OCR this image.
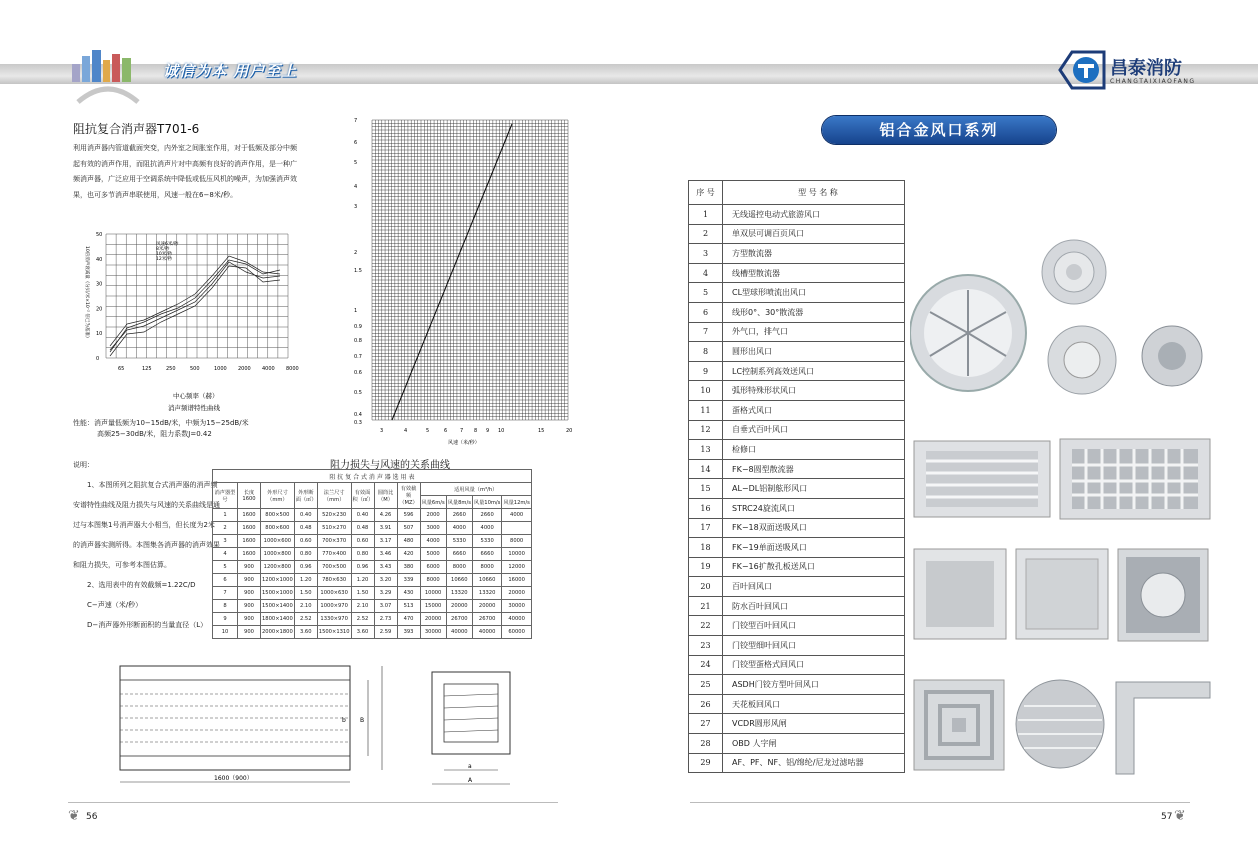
诚信为本 用户至上	昌泰消防
CHANGTAIXIAOFANG
阻抗复合消声器T701-6
利用消声器内管道截面突变，内外室之间胀室作用，对于低频及部分中频起有效的消声作用，而阻抗消声片对中高频有良好的消声作用，是一种广频消声器，广泛应用于空调系统中降低或低压风机的噪声，为加强消声效果，也可多节消声串联使用，风速一般在6−8米/秒。
50
40
30
20
10
0
65	125	250	500	1000 2000 4000 8000
10倍消声衰减量（分贝/米×10⁻² 倍已为基准）
风速6米/秒
8米/秒
10米/秒
12米/秒
中心频率（赫）
消声频谱特性曲线
性能：消声量低频为10−15dB/米，中频为15−25dB/米
高频25−30dB/米，阻力系数J=0.42
7
6
5
4
3
2
1.5
1
0.9
0.8
0.7
0.6
0.5
0.4
0.3
3	4	5	6	7 8 9 10	15	20
风速（米/秒）
阻力损失与风速的关系曲线
说明：
1、本图所列之阻抗复合式消声器的消声频安谱特性曲线及阻力损失与风速的关系曲线是通过与本图集1号消声器大小相当，但长度为2米的消声器实测所得。本图集各消声器的消声效果和阻力损失，可参考本图估算。
2、选用表中的有效截频=1.22C/D
C−声速（米/秒）
D−消声器外形断面积的当量直径（L）
阻 抗 复 合 式 消 声 器 选 用 表											
消声器型 号	长度1600	外形尺寸（mm）	外形断面（㎡）	法兰尺寸（mm）	有效面积（㎡）	圆筒比（M）	有效截频（MZ）	适用风量（m³/h）			
								风量6m/s	风量8m/s	风量10m/s	风量12m/s
1	1600	800×500	0.40	520×230	0.40	4.26	596	2000	2660	2660	4000
2	1600	800×600	0.48	510×270	0.48	3.91	507	3000	4000	4000	
3	1600	1000×600	0.60	700×370	0.60	3.17	480	4000	5330	5330	8000
4	1600	1000×800	0.80	770×400	0.80	3.46	420	5000	6660	6660	10000
5	900	1200×800	0.96	700×500	0.96	3.43	380	6000	8000	8000	12000
6	900	1200×1000	1.20	780×630	1.20	3.20	339	8000	10660	10660	16000
7	900	1500×1000	1.50	1000×630	1.50	3.29	430	10000	13320	13320	20000
8	900	1500×1400	2.10	1000×970	2.10	3.07	513	15000	20000	20000	30000
9	900	1800×1400	2.52	1330×970	2.52	2.73	470	20000	26700	26700	40000
10	900	2000×1800	3.60	1500×1310	3.60	2.59	393	30000	40000	40000	60000
b B
1600（900）
a
A
铝合金风口系列
序 号	型 号 名 称
1	无线遥控电动式旅游风口
2	单双层可调百页风口
3	方型散流器
4	线槽型散流器
5	CL型球形喷流出风口
6	线形0°、30°散流器
7	外气口，排气口
8	圆形出风口
9	LC控制系列高效送风口
10	弧形特殊形状风口
11	蛋格式风口
12	自垂式百叶风口
13	检修口
14	FK−8圆型散流器
15	AL−DL铝制舷形风口
16	STRC24旋流风口
17	FK−18双面送吸风口
18	FK−19单面送吸风口
19	FK−16扩散孔板送风口
20	百叶回风口
21	防水百叶回风口
22	门铰型百叶回风口
23	门铰型细叶回风口
24	门铰型蛋格式回风口
25	ASDH门铰方型叶回风口
26	天花板回风口
27	VCDR圆形风闸
28	OBD 人字闸
29	AF、PF、NF、铝/绵纶/尼龙过滤咕器
❦ 56	57 ❦
